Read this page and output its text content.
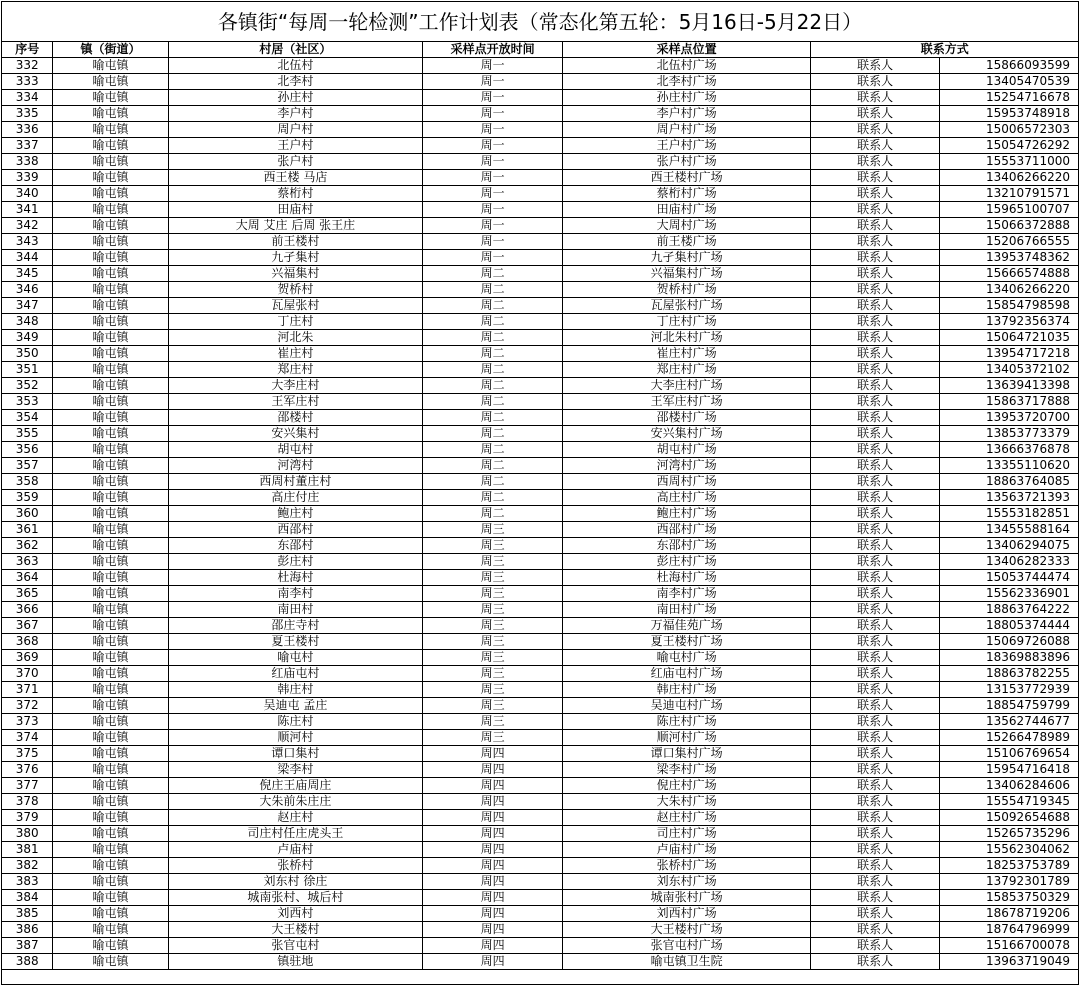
各镇街“每周一轮检测”工作计划表（常态化第五轮：5月16日-5月22日）
序号	镇（街道）	村居（社区）	采样点开放时间	采样点位置	联系方式	
332	喻屯镇	北伍村	周一	北伍村广场	联系人	15866093599
333	喻屯镇	北李村	周一	北李村广场	联系人	13405470539
334	喻屯镇	孙庄村	周一	孙庄村广场	联系人	15254716678
335	喻屯镇	李户村	周一	李户村广场	联系人	15953748918
336	喻屯镇	周户村	周一	周户村广场	联系人	15006572303
337	喻屯镇	王户村	周一	王户村广场	联系人	15054726292
338	喻屯镇	张户村	周一	张户村广场	联系人	15553711000
339	喻屯镇	西王楼 马店	周一	西王楼村广场	联系人	13406266220
340	喻屯镇	蔡桁村	周一	蔡桁村广场	联系人	13210791571
341	喻屯镇	田庙村	周一	田庙村广场	联系人	15965100707
342	喻屯镇	大周 艾庄 后周 张王庄	周一	大周村广场	联系人	15066372888
343	喻屯镇	前王楼村	周一	前王楼广场	联系人	15206766555
344	喻屯镇	九孑集村	周一	九孑集村广场	联系人	13953748362
345	喻屯镇	兴福集村	周二	兴福集村广场	联系人	15666574888
346	喻屯镇	贺桥村	周二	贺桥村广场	联系人	13406266220
347	喻屯镇	瓦屋张村	周二	瓦屋张村广场	联系人	15854798598
348	喻屯镇	丁庄村	周二	丁庄村广场	联系人	13792356374
349	喻屯镇	河北朱	周二	河北朱村广场	联系人	15064721035
350	喻屯镇	崔庄村	周二	崔庄村广场	联系人	13954717218
351	喻屯镇	郑庄村	周二	郑庄村广场	联系人	13405372102
352	喻屯镇	大李庄村	周二	大李庄村广场	联系人	13639413398
353	喻屯镇	王军庄村	周二	王军庄村广场	联系人	15863717888
354	喻屯镇	邵楼村	周二	邵楼村广场	联系人	13953720700
355	喻屯镇	安兴集村	周二	安兴集村广场	联系人	13853773379
356	喻屯镇	胡屯村	周二	胡屯村广场	联系人	13666376878
357	喻屯镇	河湾村	周二	河湾村广场	联系人	13355110620
358	喻屯镇	西周村董庄村	周二	西周村广场	联系人	18863764085
359	喻屯镇	高庄付庄	周二	高庄村广场	联系人	13563721393
360	喻屯镇	鲍庄村	周二	鲍庄村广场	联系人	15553182851
361	喻屯镇	西邵村	周三	西邵村广场	联系人	13455588164
362	喻屯镇	东邵村	周三	东邵村广场	联系人	13406294075
363	喻屯镇	彭庄村	周三	彭庄村广场	联系人	13406282333
364	喻屯镇	杜海村	周三	杜海村广场	联系人	15053744474
365	喻屯镇	南李村	周三	南李村广场	联系人	15562336901
366	喻屯镇	南田村	周三	南田村广场	联系人	18863764222
367	喻屯镇	邵庄寺村	周三	万福佳苑广场	联系人	18805374444
368	喻屯镇	夏王楼村	周三	夏王楼村广场	联系人	15069726088
369	喻屯镇	喻屯村	周三	喻屯村广场	联系人	18369883896
370	喻屯镇	红庙屯村	周三	红庙屯村广场	联系人	18863782255
371	喻屯镇	韩庄村	周三	韩庄村广场	联系人	13153772939
372	喻屯镇	吴迪屯 孟庄	周三	吴迪屯村广场	联系人	18854759799
373	喻屯镇	陈庄村	周三	陈庄村广场	联系人	13562744677
374	喻屯镇	顺河村	周三	顺河村广场	联系人	15266478989
375	喻屯镇	谭口集村	周四	谭口集村广场	联系人	15106769654
376	喻屯镇	梁李村	周四	梁李村广场	联系人	15954716418
377	喻屯镇	倪庄王庙周庄	周四	倪庄村广场	联系人	13406284606
378	喻屯镇	大朱前朱庄庄	周四	大朱村广场	联系人	15554719345
379	喻屯镇	赵庄村	周四	赵庄村广场	联系人	15092654688
380	喻屯镇	司庄村任庄虎头王	周四	司庄村广场	联系人	15265735296
381	喻屯镇	卢庙村	周四	卢庙村广场	联系人	15562304062
382	喻屯镇	张桥村	周四	张桥村广场	联系人	18253753789
383	喻屯镇	刘东村 徐庄	周四	刘东村广场	联系人	13792301789
384	喻屯镇	城南张村、城后村	周四	城南张村广场	联系人	15853750329
385	喻屯镇	刘西村	周四	刘西村广场	联系人	18678719206
386	喻屯镇	大王楼村	周四	大王楼村广场	联系人	18764796999
387	喻屯镇	张官屯村	周四	张官屯村广场	联系人	15166700078
388	喻屯镇	镇驻地	周四	喻屯镇卫生院	联系人	13963719049
